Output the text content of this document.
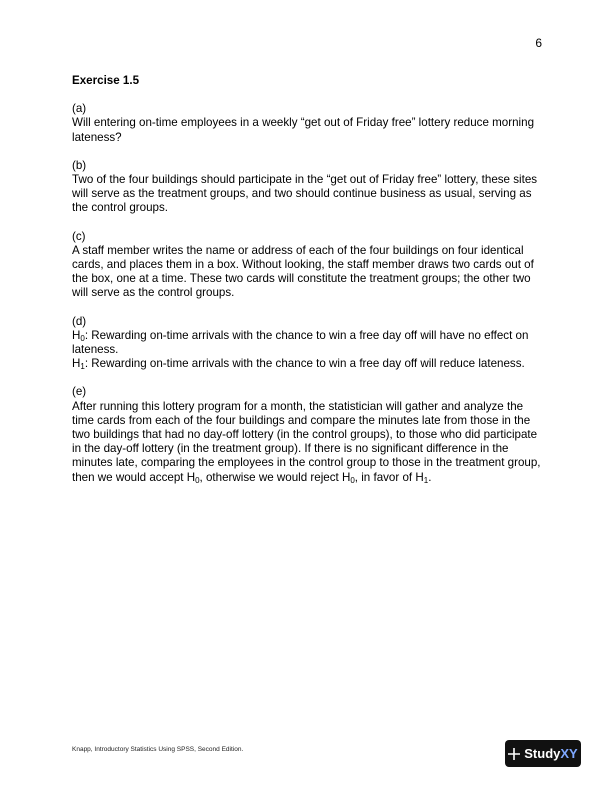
6

Exercise 1.5

(a)

Will entering on-time employees in a weekly “get out of Friday free” lottery reduce morning lateness?

(b)

Two of the four buildings should participate in the “get out of Friday free” lottery, these sites will serve as the treatment groups, and two should continue business as usual, serving as the control groups.

(c)

A staff member writes the name or address of each of the four buildings on four identical cards, and places them in a box. Without looking, the staff member draws two cards out of the box, one at a time. These two cards will constitute the treatment groups; the other two will serve as the control groups.

(d)

$H_0$: Rewarding on-time arrivals with the chance to win a free day off will have no effect on lateness.

$H_1$: Rewarding on-time arrivals with the chance to win a free day off will reduce lateness.

(e)

After running this lottery program for a month, the statistician will gather and analyze the time cards from each of the four buildings and compare the minutes late from those in the two buildings that had no day-off lottery (in the control groups), to those who did participate in the day-off lottery (in the treatment group). If there is no significant difference in the minutes late, comparing the employees in the control group to those in the treatment group, then we would accept $H_0$, otherwise we would reject $H_0$, in favor of $H_1$.

Knapp, Introductory Statistics Using SPSS, Second Edition.	Study XY
